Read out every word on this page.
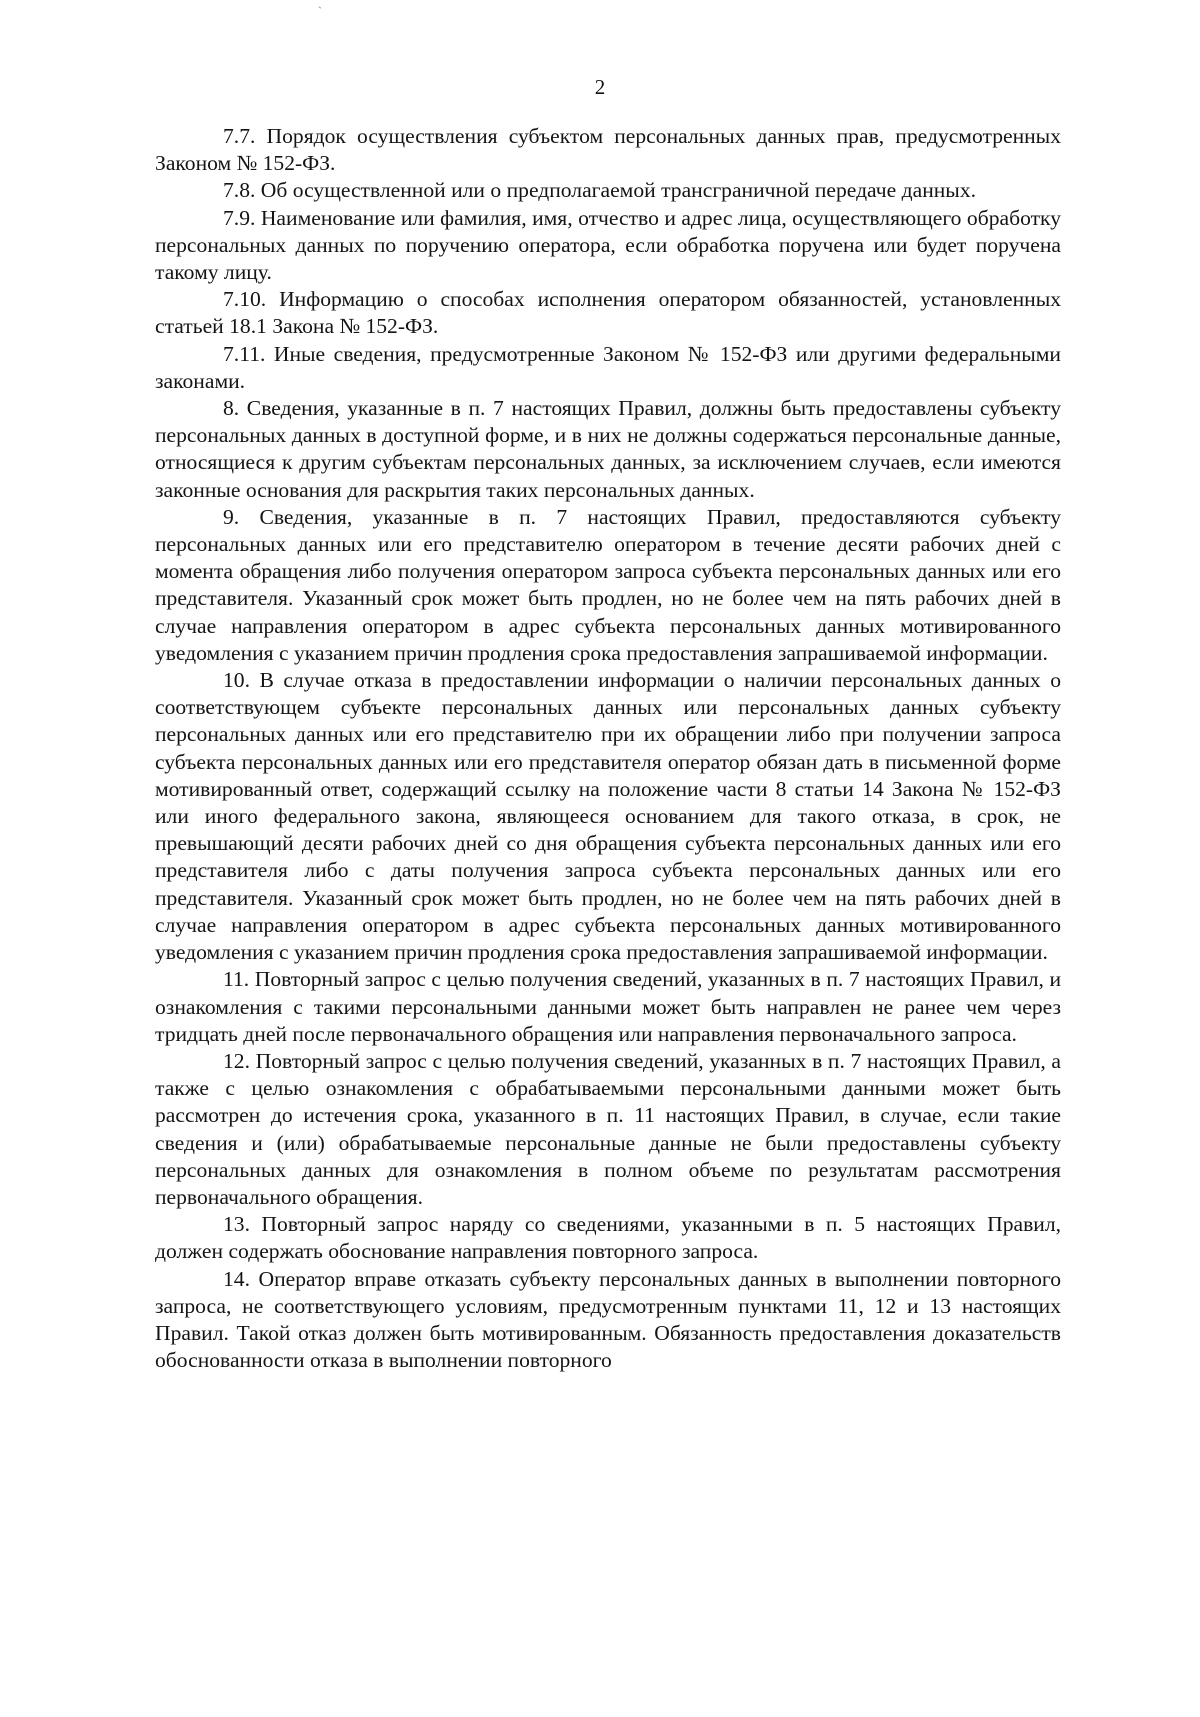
ˋ
2

7.7. Порядок осуществления субъектом персональных данных прав, предусмотренных Законом № 152-ФЗ.

7.8. Об осуществленной или о предполагаемой трансграничной передаче данных.

7.9. Наименование или фамилия, имя, отчество и адрес лица, осуществляющего обработку персональных данных по поручению оператора, если обработка поручена или будет поручена такому лицу.

7.10. Информацию о способах исполнения оператором обязанностей, установленных статьей 18.1 Закона № 152-ФЗ.

7.11. Иные сведения, предусмотренные Законом № 152-ФЗ или другими федеральными законами.

8. Сведения, указанные в п. 7 настоящих Правил, должны быть предоставлены субъекту персональных данных в доступной форме, и в них не должны содержаться персональные данные, относящиеся к другим субъектам персональных данных, за исключением случаев, если имеются законные основания для раскрытия таких персональных данных.

9. Сведения, указанные в п. 7 настоящих Правил, предоставляются субъекту персональных данных или его представителю оператором в течение десяти рабочих дней с момента обращения либо получения оператором запроса субъекта персональных данных или его представителя. Указанный срок может быть продлен, но не более чем на пять рабочих дней в случае направления оператором в адрес субъекта персональных данных мотивированного уведомления с указанием причин продления срока предоставления запрашиваемой информации.

10. В случае отказа в предоставлении информации о наличии персональных данных о соответствующем субъекте персональных данных или персональных данных субъекту персональных данных или его представителю при их обращении либо при получении запроса субъекта персональных данных или его представителя оператор обязан дать в письменной форме мотивированный ответ, содержащий ссылку на положение части 8 статьи 14 Закона № 152-ФЗ или иного федерального закона, являющееся основанием для такого отказа, в срок, не превышающий десяти рабочих дней со дня обращения субъекта персональных данных или его представителя либо с даты получения запроса субъекта персональных данных или его представителя. Указанный срок может быть продлен, но не более чем на пять рабочих дней в случае направления оператором в адрес субъекта персональных данных мотивированного уведомления с указанием причин продления срока предоставления запрашиваемой информации.

11. Повторный запрос с целью получения сведений, указанных в п. 7 настоящих Правил, и ознакомления с такими персональными данными может быть направлен не ранее чем через тридцать дней после первоначального обращения или направления первоначального запроса.

12. Повторный запрос с целью получения сведений, указанных в п. 7 настоящих Правил, а также с целью ознакомления с обрабатываемыми персональными данными может быть рассмотрен до истечения срока, указанного в п. 11 настоящих Правил, в случае, если такие сведения и (или) обрабатываемые персональные данные не были предоставлены субъекту персональных данных для ознакомления в полном объеме по результатам рассмотрения первоначального обращения.

13. Повторный запрос наряду со сведениями, указанными в п. 5 настоящих Правил, должен содержать обоснование направления повторного запроса.

14. Оператор вправе отказать субъекту персональных данных в выполнении повторного запроса, не соответствующего условиям, предусмотренным пунктами 11, 12 и 13 настоящих Правил. Такой отказ должен быть мотивированным. Обязанность предоставления доказательств обоснованности отказа в выполнении повторного
